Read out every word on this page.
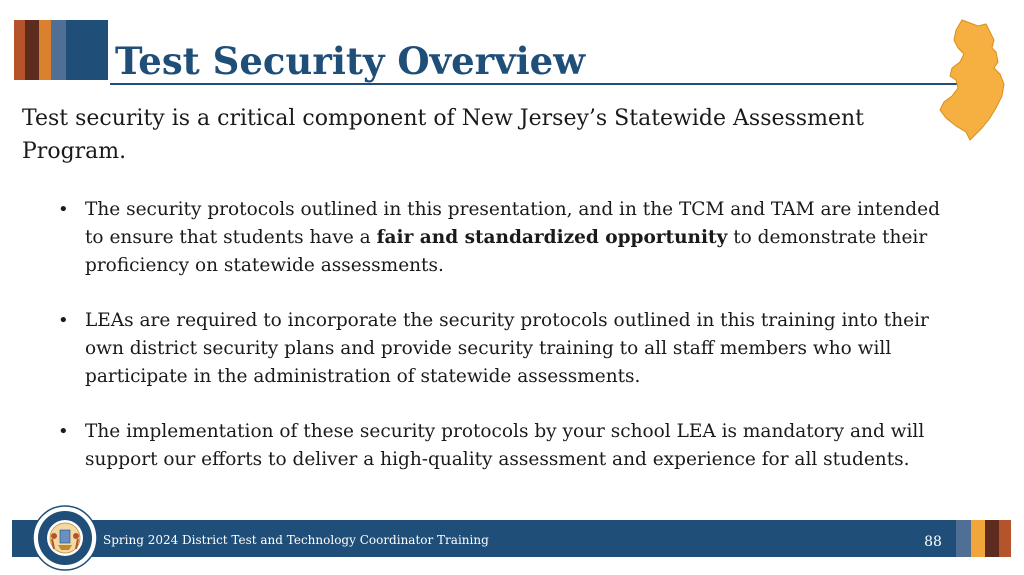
Test Security Overview
Test security is a critical component of New Jersey’s Statewide Assessment Program.
• The security protocols outlined in this presentation, and in the TCM and TAM are intended to ensure that students have a fair and standardized opportunity to demonstrate their proficiency on statewide assessments.
• LEAs are required to incorporate the security protocols outlined in this training into their own district security plans and provide security training to all staff members who will participate in the administration of statewide assessments.
• The implementation of these security protocols by your school LEA is mandatory and will support our efforts to deliver a high-quality assessment and experience for all students.
Spring 2024 District Test and Technology Coordinator Training	88
